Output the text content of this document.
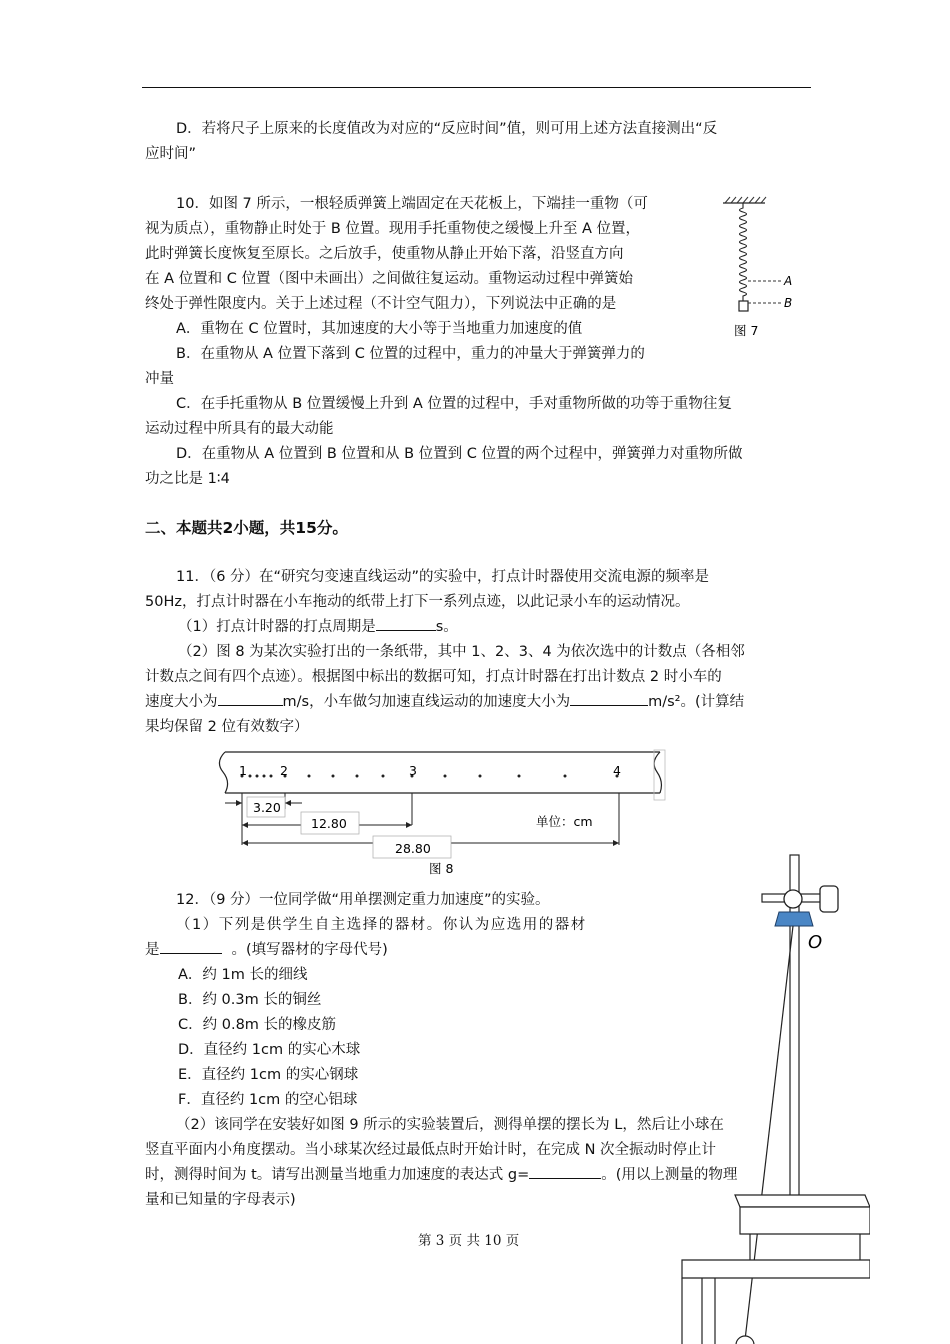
D．若将尺子上原来的长度值改为对应的“反应时间”值，则可用上述方法直接测出“反
应时间”
10．如图 7 所示，一根轻质弹簧上端固定在天花板上，下端挂一重物（可
视为质点），重物静止时处于 B 位置。现用手托重物使之缓慢上升至 A 位置，
此时弹簧长度恢复至原长。之后放手，使重物从静止开始下落，沿竖直方向
在 A 位置和 C 位置（图中未画出）之间做往复运动。重物运动过程中弹簧始
终处于弹性限度内。关于上述过程（不计空气阻力），下列说法中正确的是
A．重物在 C 位置时，其加速度的大小等于当地重力加速度的值
B．在重物从 A 位置下落到 C 位置的过程中，重力的冲量大于弹簧弹力的
冲量
C．在手托重物从 B 位置缓慢上升到 A 位置的过程中，手对重物所做的功等于重物往复
运动过程中所具有的最大动能
D．在重物从 A 位置到 B 位置和从 B 位置到 C 位置的两个过程中，弹簧弹力对重物所做
功之比是 1∶4
A
B
图 7
二、本题共2小题，共15分。
11．（6 分）在“研究匀变速直线运动”的实验中，打点计时器使用交流电源的频率是
50Hz，打点计时器在小车拖动的纸带上打下一系列点迹，以此记录小车的运动情况。
（1）打点计时器的打点周期是	s。
（2）图 8 为某次实验打出的一条纸带，其中 1、2、3、4 为依次选中的计数点（各相邻
计数点之间有四个点迹）。根据图中标出的数据可知，打点计时器在打出计数点 2 时小车的
速度大小为	m/s，小车做匀加速直线运动的加速度大小为	m/s²。(计算结
果均保留 2 位有效数字）
1	2	3	4
3.20
12.80
28.80
单位：cm
图 8
O
12．（9 分）一位同学做“用单摆测定重力加速度”的实验。
（1）下列是供学生自主选择的器材。你认为应选用的器材
是	。(填写器材的字母代号)
A．约 1m 长的细线
B．约 0.3m 长的铜丝
C．约 0.8m 长的橡皮筋
D．直径约 1cm 的实心木球
E．直径约 1cm 的实心钢球
F．直径约 1cm 的空心铝球
（2）该同学在安装好如图 9 所示的实验装置后，测得单摆的摆长为 L，然后让小球在
竖直平面内小角度摆动。当小球某次经过最低点时开始计时，在完成 N 次全振动时停止计
时，测得时间为 t。请写出测量当地重力加速度的表达式 g=	。(用以上测量的物理
量和已知量的字母表示)
第 3 页 共 10 页
